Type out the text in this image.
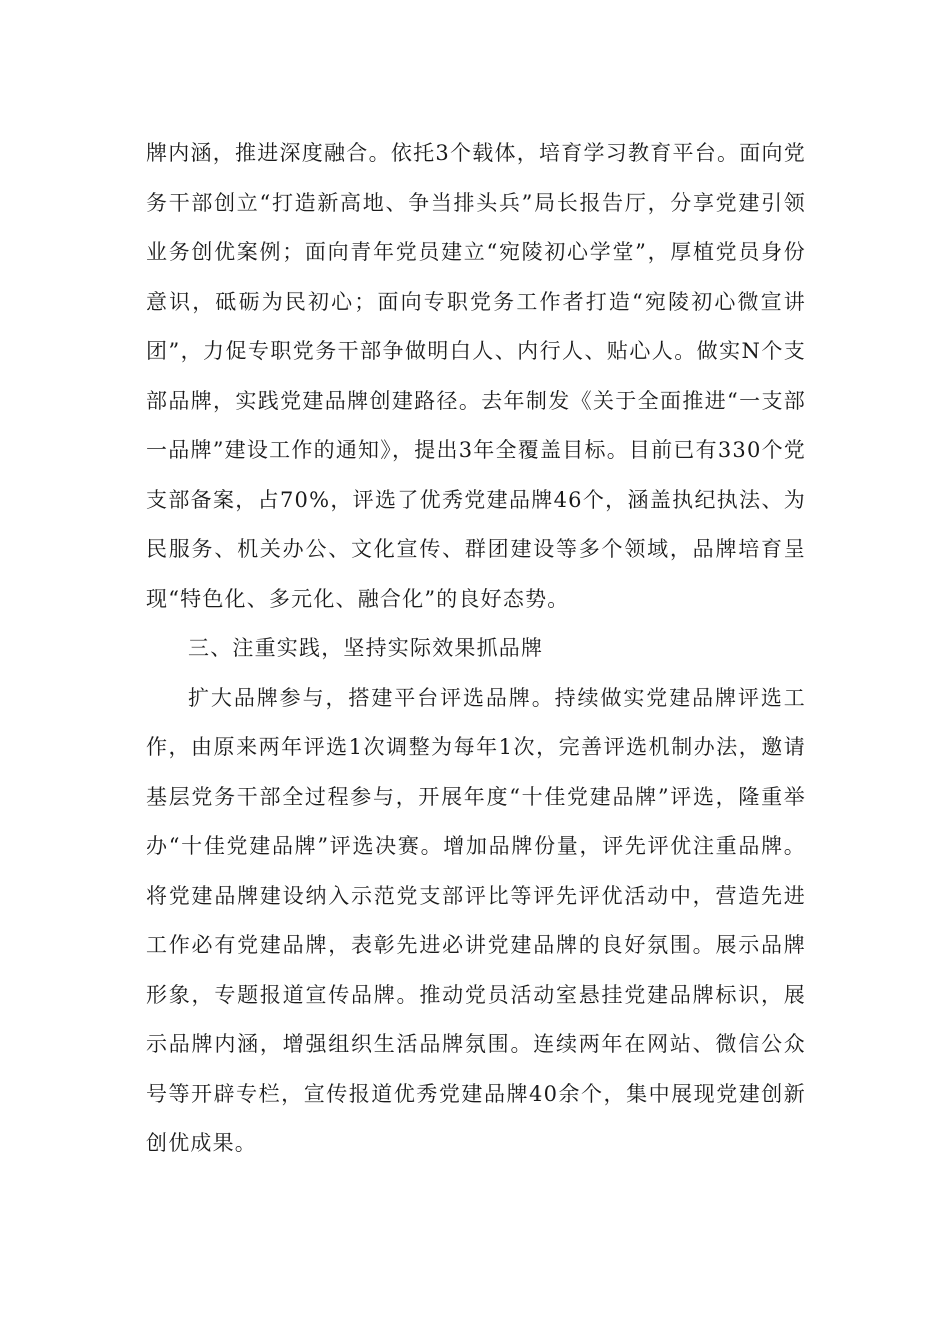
牌内涵，推进深度融合。依托3个载体，培育学习教育平台。面向党务干部创立“打造新高地、争当排头兵”局长报告厅，分享党建引领业务创优案例；面向青年党员建立“宛陵初心学堂”，厚植党员身份意识，砥砺为民初心；面向专职党务工作者打造“宛陵初心微宣讲团”，力促专职党务干部争做明白人、内行人、贴心人。做实N个支部品牌，实践党建品牌创建路径。去年制发《关于全面推进“一支部一品牌”建设工作的通知》，提出3年全覆盖目标。目前已有330个党支部备案，占70%，评选了优秀党建品牌46个，涵盖执纪执法、为民服务、机关办公、文化宣传、群团建设等多个领域，品牌培育呈现“特色化、多元化、融合化”的良好态势。

三、注重实践，坚持实际效果抓品牌

扩大品牌参与，搭建平台评选品牌。持续做实党建品牌评选工作，由原来两年评选1次调整为每年1次，完善评选机制办法，邀请基层党务干部全过程参与，开展年度“十佳党建品牌”评选，隆重举办“十佳党建品牌”评选决赛。增加品牌份量，评先评优注重品牌。将党建品牌建设纳入示范党支部评比等评先评优活动中，营造先进工作必有党建品牌，表彰先进必讲党建品牌的良好氛围。展示品牌形象，专题报道宣传品牌。推动党员活动室悬挂党建品牌标识，展示品牌内涵，增强组织生活品牌氛围。连续两年在网站、微信公众号等开辟专栏，宣传报道优秀党建品牌40余个，集中展现党建创新创优成果。
